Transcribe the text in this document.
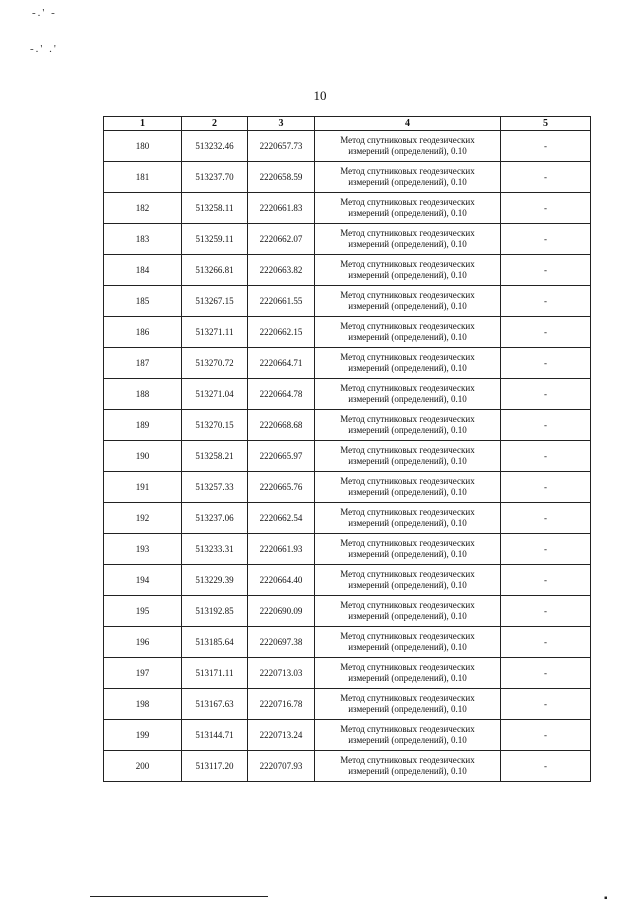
-.' -
-.' .'
10
1	2	3	4	5
180	513232.46	2220657.73	Метод спутниковых геодезических
измерений (определений), 0.10	-
181	513237.70	2220658.59	Метод спутниковых геодезических
измерений (определений), 0.10	-
182	513258.11	2220661.83	Метод спутниковых геодезических
измерений (определений), 0.10	-
183	513259.11	2220662.07	Метод спутниковых геодезических
измерений (определений), 0.10	-
184	513266.81	2220663.82	Метод спутниковых геодезических
измерений (определений), 0.10	-
185	513267.15	2220661.55	Метод спутниковых геодезических
измерений (определений), 0.10	-
186	513271.11	2220662.15	Метод спутниковых геодезических
измерений (определений), 0.10	-
187	513270.72	2220664.71	Метод спутниковых геодезических
измерений (определений), 0.10	-
188	513271.04	2220664.78	Метод спутниковых геодезических
измерений (определений), 0.10	-
189	513270.15	2220668.68	Метод спутниковых геодезических
измерений (определений), 0.10	-
190	513258.21	2220665.97	Метод спутниковых геодезических
измерений (определений), 0.10	-
191	513257.33	2220665.76	Метод спутниковых геодезических
измерений (определений), 0.10	-
192	513237.06	2220662.54	Метод спутниковых геодезических
измерений (определений), 0.10	-
193	513233.31	2220661.93	Метод спутниковых геодезических
измерений (определений), 0.10	-
194	513229.39	2220664.40	Метод спутниковых геодезических
измерений (определений), 0.10	-
195	513192.85	2220690.09	Метод спутниковых геодезических
измерений (определений), 0.10	-
196	513185.64	2220697.38	Метод спутниковых геодезических
измерений (определений), 0.10	-
197	513171.11	2220713.03	Метод спутниковых геодезических
измерений (определений), 0.10	-
198	513167.63	2220716.78	Метод спутниковых геодезических
измерений (определений), 0.10	-
199	513144.71	2220713.24	Метод спутниковых геодезических
измерений (определений), 0.10	-
200	513117.20	2220707.93	Метод спутниковых геодезических
измерений (определений), 0.10	-
▪
